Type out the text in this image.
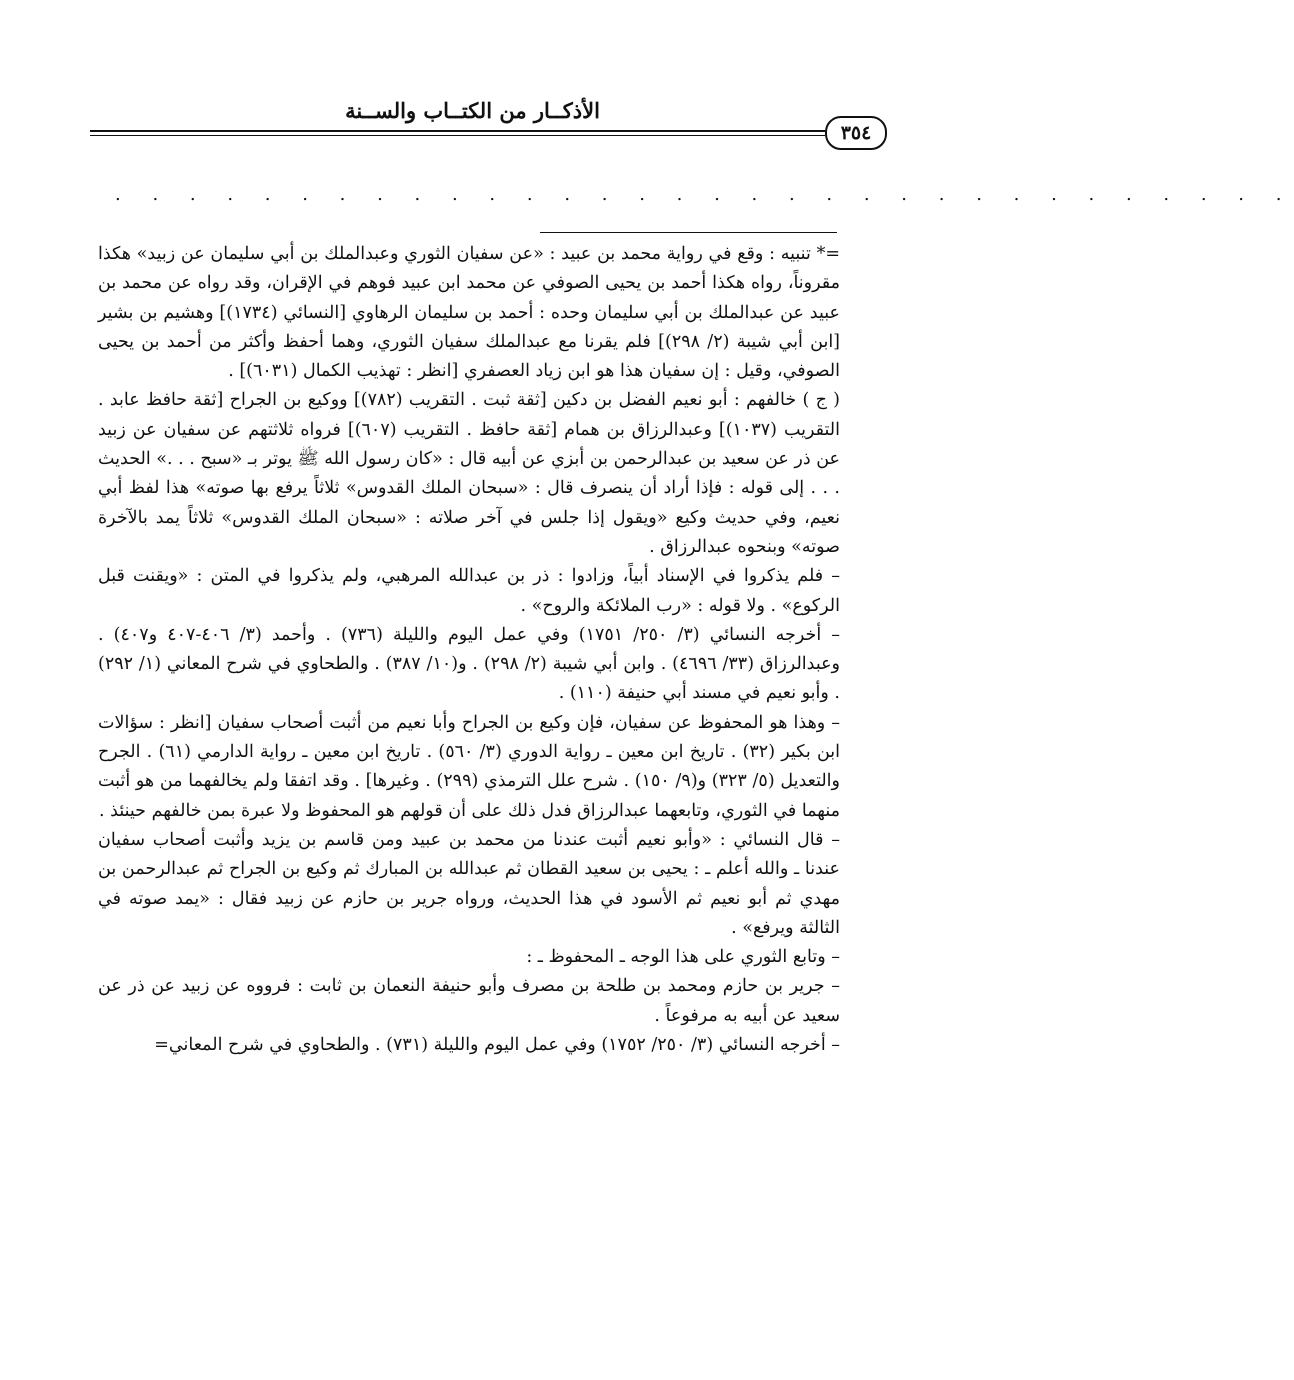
الأذكــار من الكتــاب والســنة
٣٥٤
. . . . . . . . . . . . . . . . . . . . . . . . . . . . . . . .

=* تنبيه : وقع في رواية محمد بن عبيد : «عن سفيان الثوري وعبدالملك بن أبي سليمان عن زبيد» هكذا مقروناً، رواه هكذا أحمد بن يحيى الصوفي عن محمد ابن عبيد فوهم في الإقران، وقد رواه عن محمد بن عبيد عن عبدالملك بن أبي سليمان وحده : أحمد بن سليمان الرهاوي [النسائي (١٧٣٤)] وهشيم بن بشير [ابن أبي شيبة (٢/ ٢٩٨)] فلم يقرنا مع عبدالملك سفيان الثوري، وهما أحفظ وأكثر من أحمد بن يحيى الصوفي، وقيل : إن سفيان هذا هو ابن زياد العصفري [انظر : تهذيب الكمال (٦٠٣١)] .

( ج ) خالفهم : أبو نعيم الفضل بن دكين [ثقة ثبت . التقريب (٧٨٢)] ووكيع بن الجراح [ثقة حافظ عابد . التقريب (١٠٣٧)] وعبدالرزاق بن همام [ثقة حافظ . التقريب (٦٠٧)] فرواه ثلاثتهم عن سفيان عن زبيد عن ذر عن سعيد بن عبدالرحمن بن أبزي عن أبيه قال : «كان رسول الله ﷺ يوتر بـ «سبح . . .» الحديث . . . إلى قوله : فإذا أراد أن ينصرف قال : «سبحان الملك القدوس» ثلاثاً يرفع بها صوته» هذا لفظ أبي نعيم، وفي حديث وكيع «ويقول إذا جلس في آخر صلاته : «سبحان الملك القدوس» ثلاثاً يمد بالآخرة صوته» وبنحوه عبدالرزاق .

– فلم يذكروا في الإسناد أبياً، وزادوا : ذر بن عبدالله المرهبي، ولم يذكروا في المتن : «ويقنت قبل الركوع» . ولا قوله : «رب الملائكة والروح» .

– أخرجه النسائي (٣/ ٢٥٠/ ١٧٥١) وفي عمل اليوم والليلة (٧٣٦) . وأحمد (٣/ ٤٠٦-٤٠٧ و٤٠٧) . وعبدالرزاق (٣٣/ ٤٦٩٦) . وابن أبي شيبة (٢/ ٢٩٨) . و(١٠/ ٣٨٧) . والطحاوي في شرح المعاني (١/ ٢٩٢) . وأبو نعيم في مسند أبي حنيفة (١١٠) .

– وهذا هو المحفوظ عن سفيان، فإن وكيع بن الجراح وأبا نعيم من أثبت أصحاب سفيان [انظر : سؤالات ابن بكير (٣٢) . تاريخ ابن معين ـ رواية الدوري (٣/ ٥٦٠) . تاريخ ابن معين ـ رواية الدارمي (٦١) . الجرح والتعديل (٥/ ٣٢٣) و(٩/ ١٥٠) . شرح علل الترمذي (٢٩٩) . وغيرها] . وقد اتفقا ولم يخالفهما من هو أثبت منهما في الثوري، وتابعهما عبدالرزاق فدل ذلك على أن قولهم هو المحفوظ ولا عبرة بمن خالفهم حينئذ .

– قال النسائي : «وأبو نعيم أثبت عندنا من محمد بن عبيد ومن قاسم بن يزيد وأثبت أصحاب سفيان عندنا ـ والله أعلم ـ : يحيى بن سعيد القطان ثم عبدالله بن المبارك ثم وكيع بن الجراح ثم عبدالرحمن بن مهدي ثم أبو نعيم ثم الأسود في هذا الحديث، ورواه جرير بن حازم عن زبيد فقال : «يمد صوته في الثالثة ويرفع» .

– وتابع الثوري على هذا الوجه ـ المحفوظ ـ :

– جرير بن حازم ومحمد بن طلحة بن مصرف وأبو حنيفة النعمان بن ثابت : فرووه عن زبيد عن ذر عن سعيد عن أبيه به مرفوعاً .

– أخرجه النسائي (٣/ ٢٥٠/ ١٧٥٢) وفي عمل اليوم والليلة (٧٣١) . والطحاوي في شرح المعاني=
